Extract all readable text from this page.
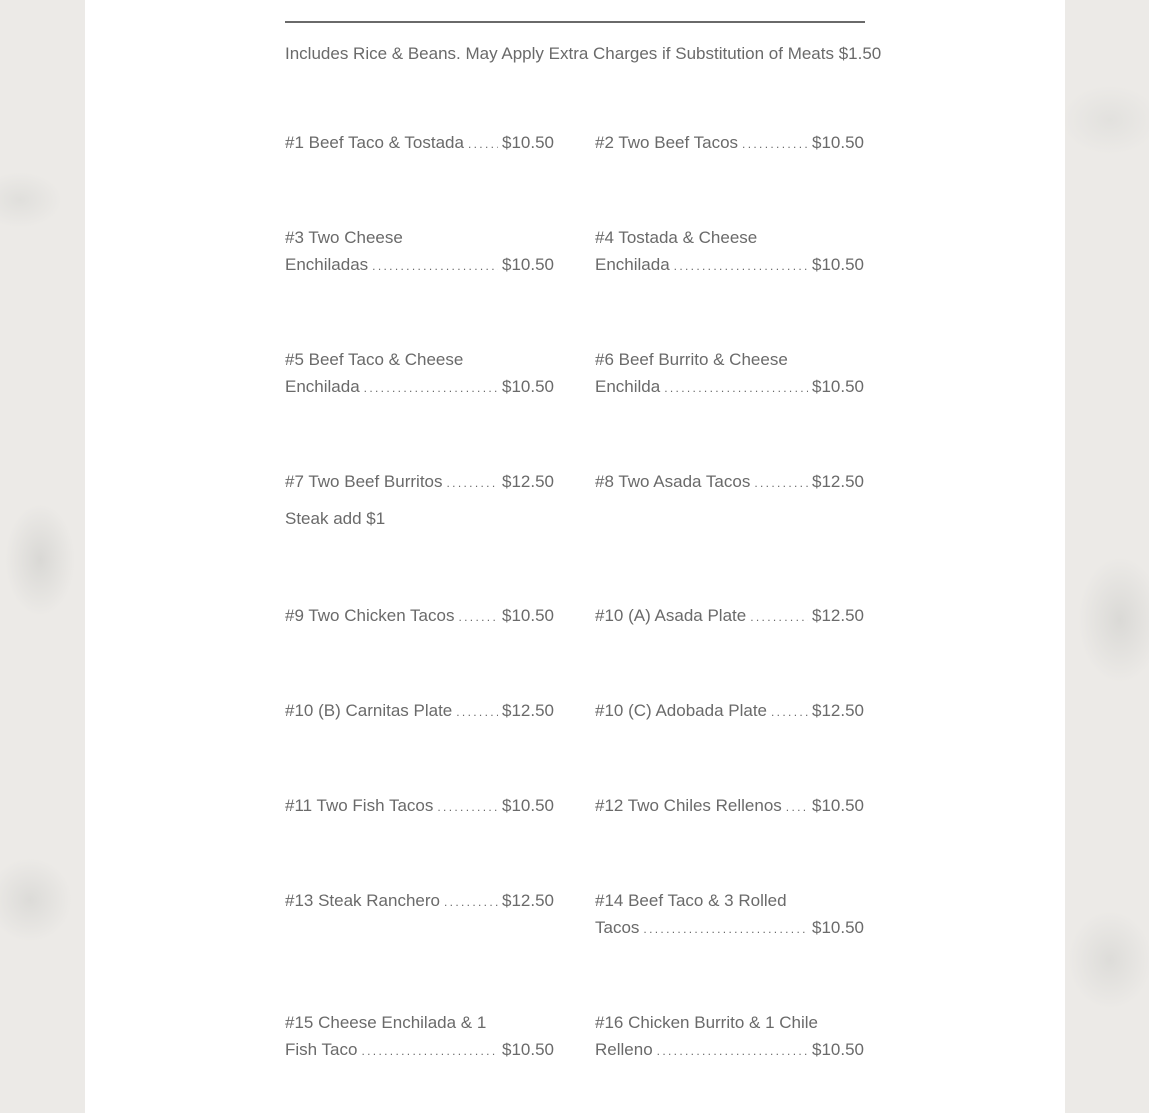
Includes Rice & Beans. May Apply Extra Charges if Substitution of Meats $1.50
#1 Beef Taco & Tostada . . . $10.50 #2 Two Beef Tacos . . .	$10.50
#3 Two Cheese
Enchiladas . . .	$10.50
#4 Tostada & Cheese
Enchilada . . .	$10.50
#5 Beef Taco & Cheese
Enchilada . . .	$10.50
#6 Beef Burrito & Cheese
Enchilda . . .	$10.50
#7 Two Beef Burritos . . .	$12.50 #8 Two Asada Tacos . . .	$12.50
Steak add $1
#9 Two Chicken Tacos . . .	$10.50 #10 (A) Asada Plate . . .	$12.50
#10 (B) Carnitas Plate . . .	$12.50 #10 (C) Adobada Plate . . .	$12.50
#11 Two Fish Tacos . . .	$10.50 #12 Two Chiles Rellenos . . . $10.50
#13 Steak Ranchero . . .	$12.50 #14 Beef Taco & 3 Rolled
Tacos . . .	$10.50
#15 Cheese Enchilada & 1
Fish Taco . . .	$10.50
#16 Chicken Burrito & 1 Chile
Relleno . . .	$10.50
